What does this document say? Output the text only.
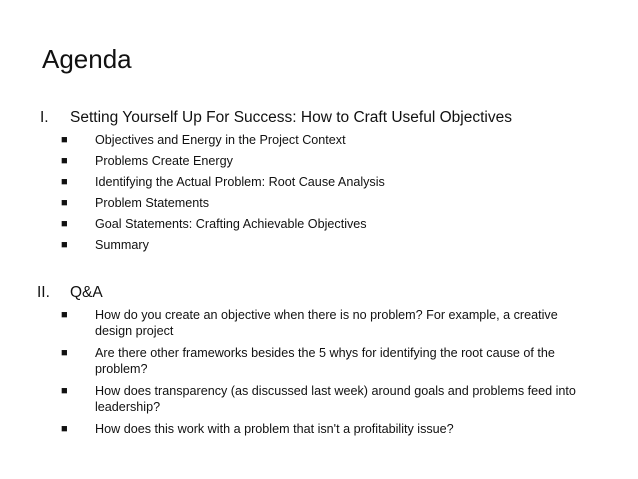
Agenda
I. Setting Yourself Up For Success: How to Craft Useful Objectives
■ Objectives and Energy in the Project Context
■ Problems Create Energy
■ Identifying the Actual Problem: Root Cause Analysis
■ Problem Statements
■ Goal Statements: Crafting Achievable Objectives
■ Summary
II. Q&A
■ How do you create an objective when there is no problem? For example, a creative design project
■ Are there other frameworks besides the 5 whys for identifying the root cause of the problem?
■ How does transparency (as discussed last week) around goals and problems feed into leadership?
■ How does this work with a problem that isn't a profitability issue?
